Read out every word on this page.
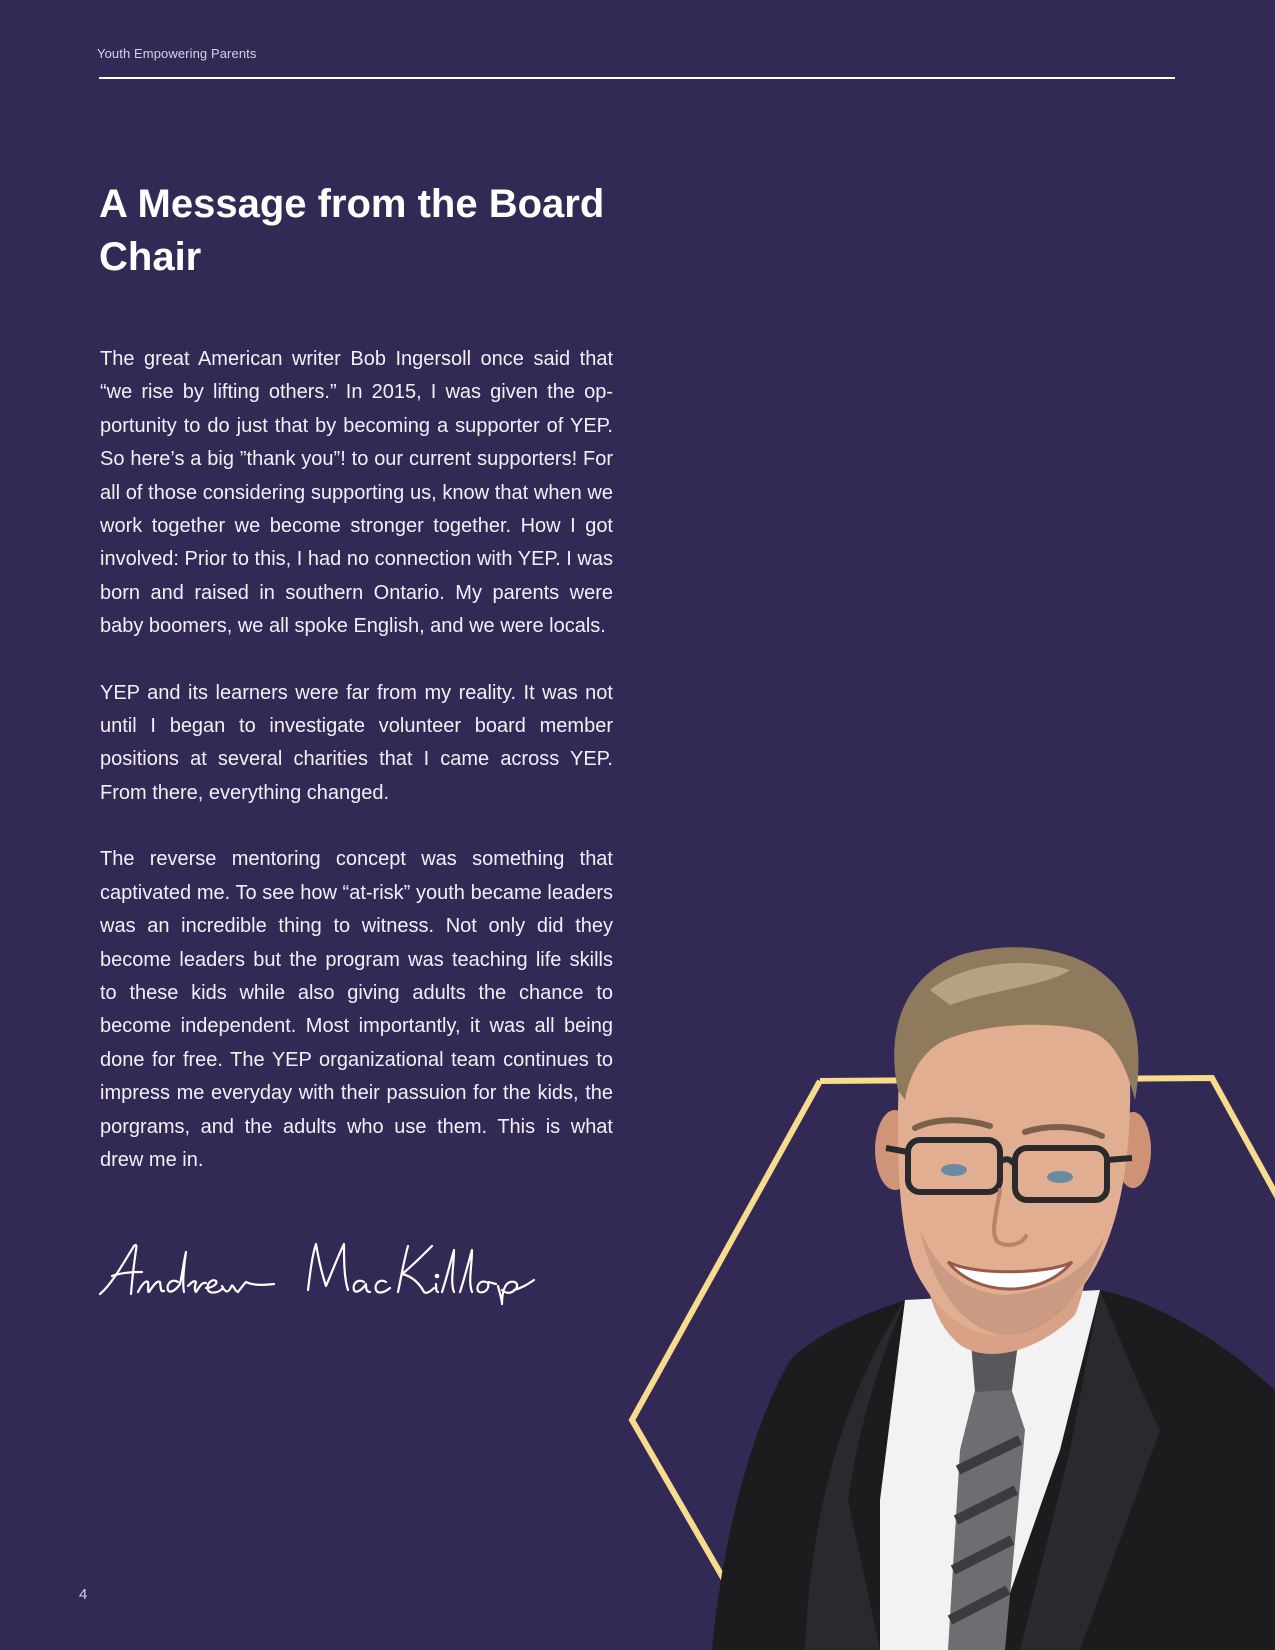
Youth Empowering Parents
A Message from the Board Chair

The great American writer Bob Ingersoll once said that “we rise by lifting others.” In 2015, I was given the opportunity to do just that by becoming a supporter of YEP. So here’s a big ”thank you”! to our current supporters! For all of those considering supporting us, know that when we work together we become stronger together. How I got involved: Prior to this, I had no connection with YEP. I was born and raised in southern Ontario. My parents were baby boomers, we all spoke English, and we were locals.

YEP and its learners were far from my reality. It was not until I began to investigate volunteer board member positions at several charities that I came across YEP. From there, everything changed.

The reverse mentoring concept was something that captivated me. To see how “at-risk” youth became leaders was an incredible thing to witness. Not only did they become leaders but the program was teaching life skills to these kids while also giving adults the chance to become independent. Most importantly, it was all being done for free. The YEP organizational team continues to impress me everyday with their passuion for the kids, the porgrams, and the adults who use them. This is what drew me in.

4
